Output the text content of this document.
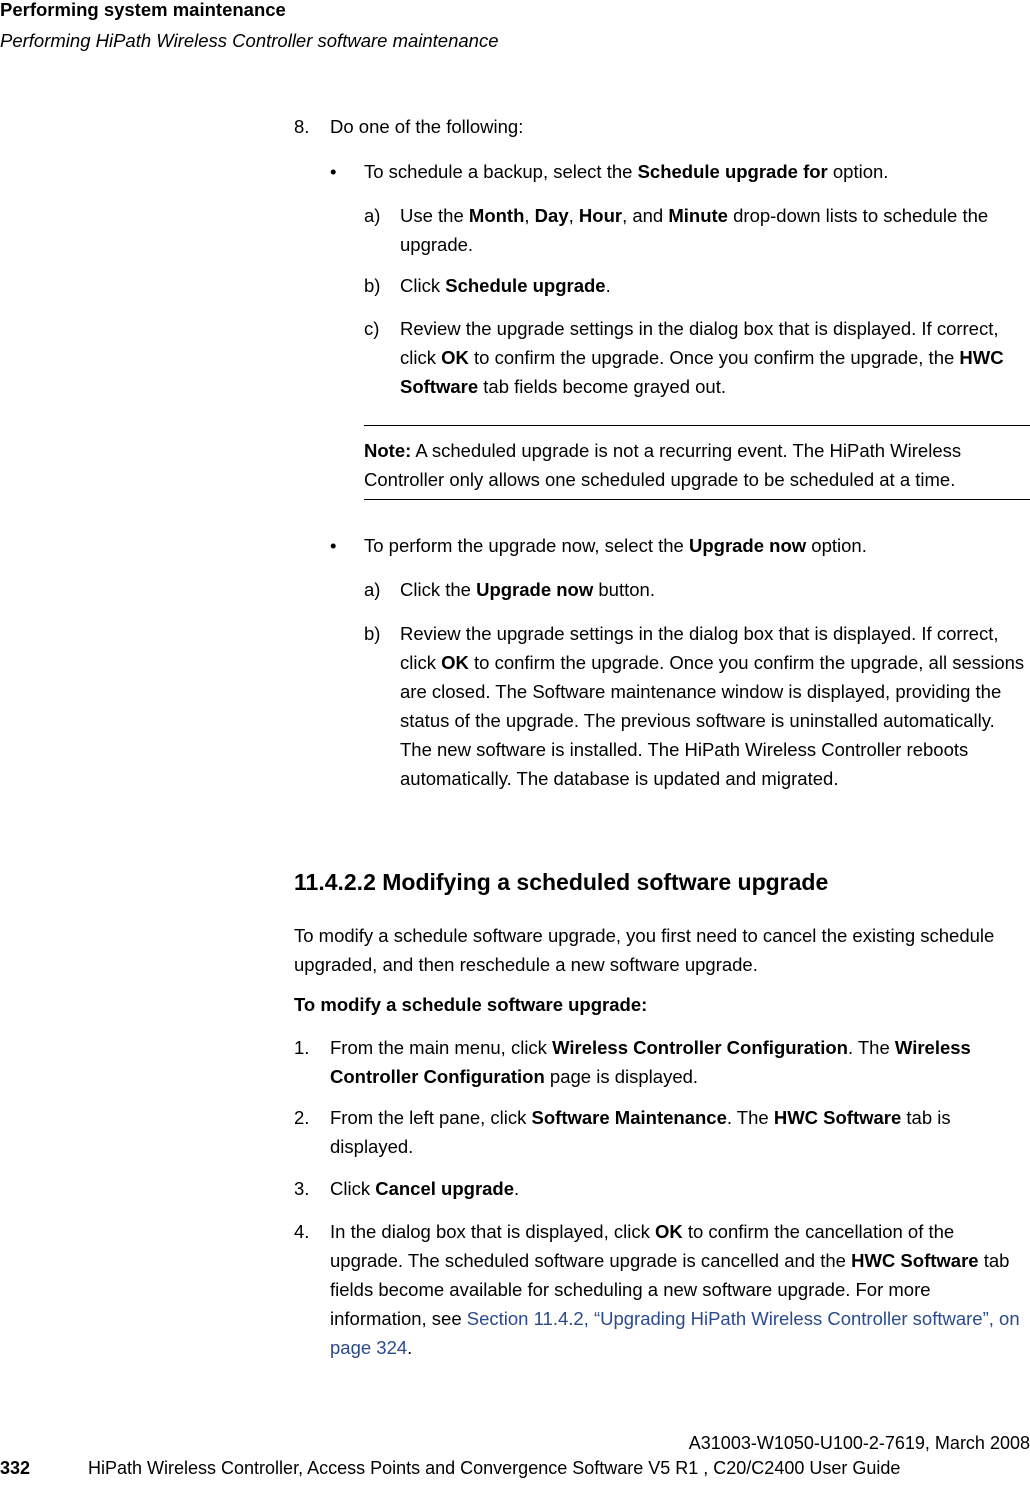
Performing system maintenance
Performing HiPath Wireless Controller software maintenance
8. Do one of the following:
• To schedule a backup, select the Schedule upgrade for option.
a) Use the Month, Day, Hour, and Minute drop-down lists to schedule the upgrade.
b) Click Schedule upgrade.
c) Review the upgrade settings in the dialog box that is displayed. If correct, click OK to confirm the upgrade. Once you confirm the upgrade, the HWC Software tab fields become grayed out.
Note: A scheduled upgrade is not a recurring event. The HiPath Wireless Controller only allows one scheduled upgrade to be scheduled at a time.
• To perform the upgrade now, select the Upgrade now option.
a) Click the Upgrade now button.
b) Review the upgrade settings in the dialog box that is displayed. If correct, click OK to confirm the upgrade. Once you confirm the upgrade, all sessions are closed. The Software maintenance window is displayed, providing the status of the upgrade. The previous software is uninstalled automatically. The new software is installed. The HiPath Wireless Controller reboots automatically. The database is updated and migrated.
11.4.2.2 Modifying a scheduled software upgrade
To modify a schedule software upgrade, you first need to cancel the existing schedule upgraded, and then reschedule a new software upgrade.
To modify a schedule software upgrade:
1. From the main menu, click Wireless Controller Configuration. The Wireless Controller Configuration page is displayed.
2. From the left pane, click Software Maintenance. The HWC Software tab is displayed.
3. Click Cancel upgrade.
4. In the dialog box that is displayed, click OK to confirm the cancellation of the upgrade. The scheduled software upgrade is cancelled and the HWC Software tab fields become available for scheduling a new software upgrade. For more information, see Section 11.4.2, “Upgrading HiPath Wireless Controller software”, on page 324.
A31003-W1050-U100-2-7619, March 2008
332	HiPath Wireless Controller, Access Points and Convergence Software V5 R1 , C20/C2400 User Guide
